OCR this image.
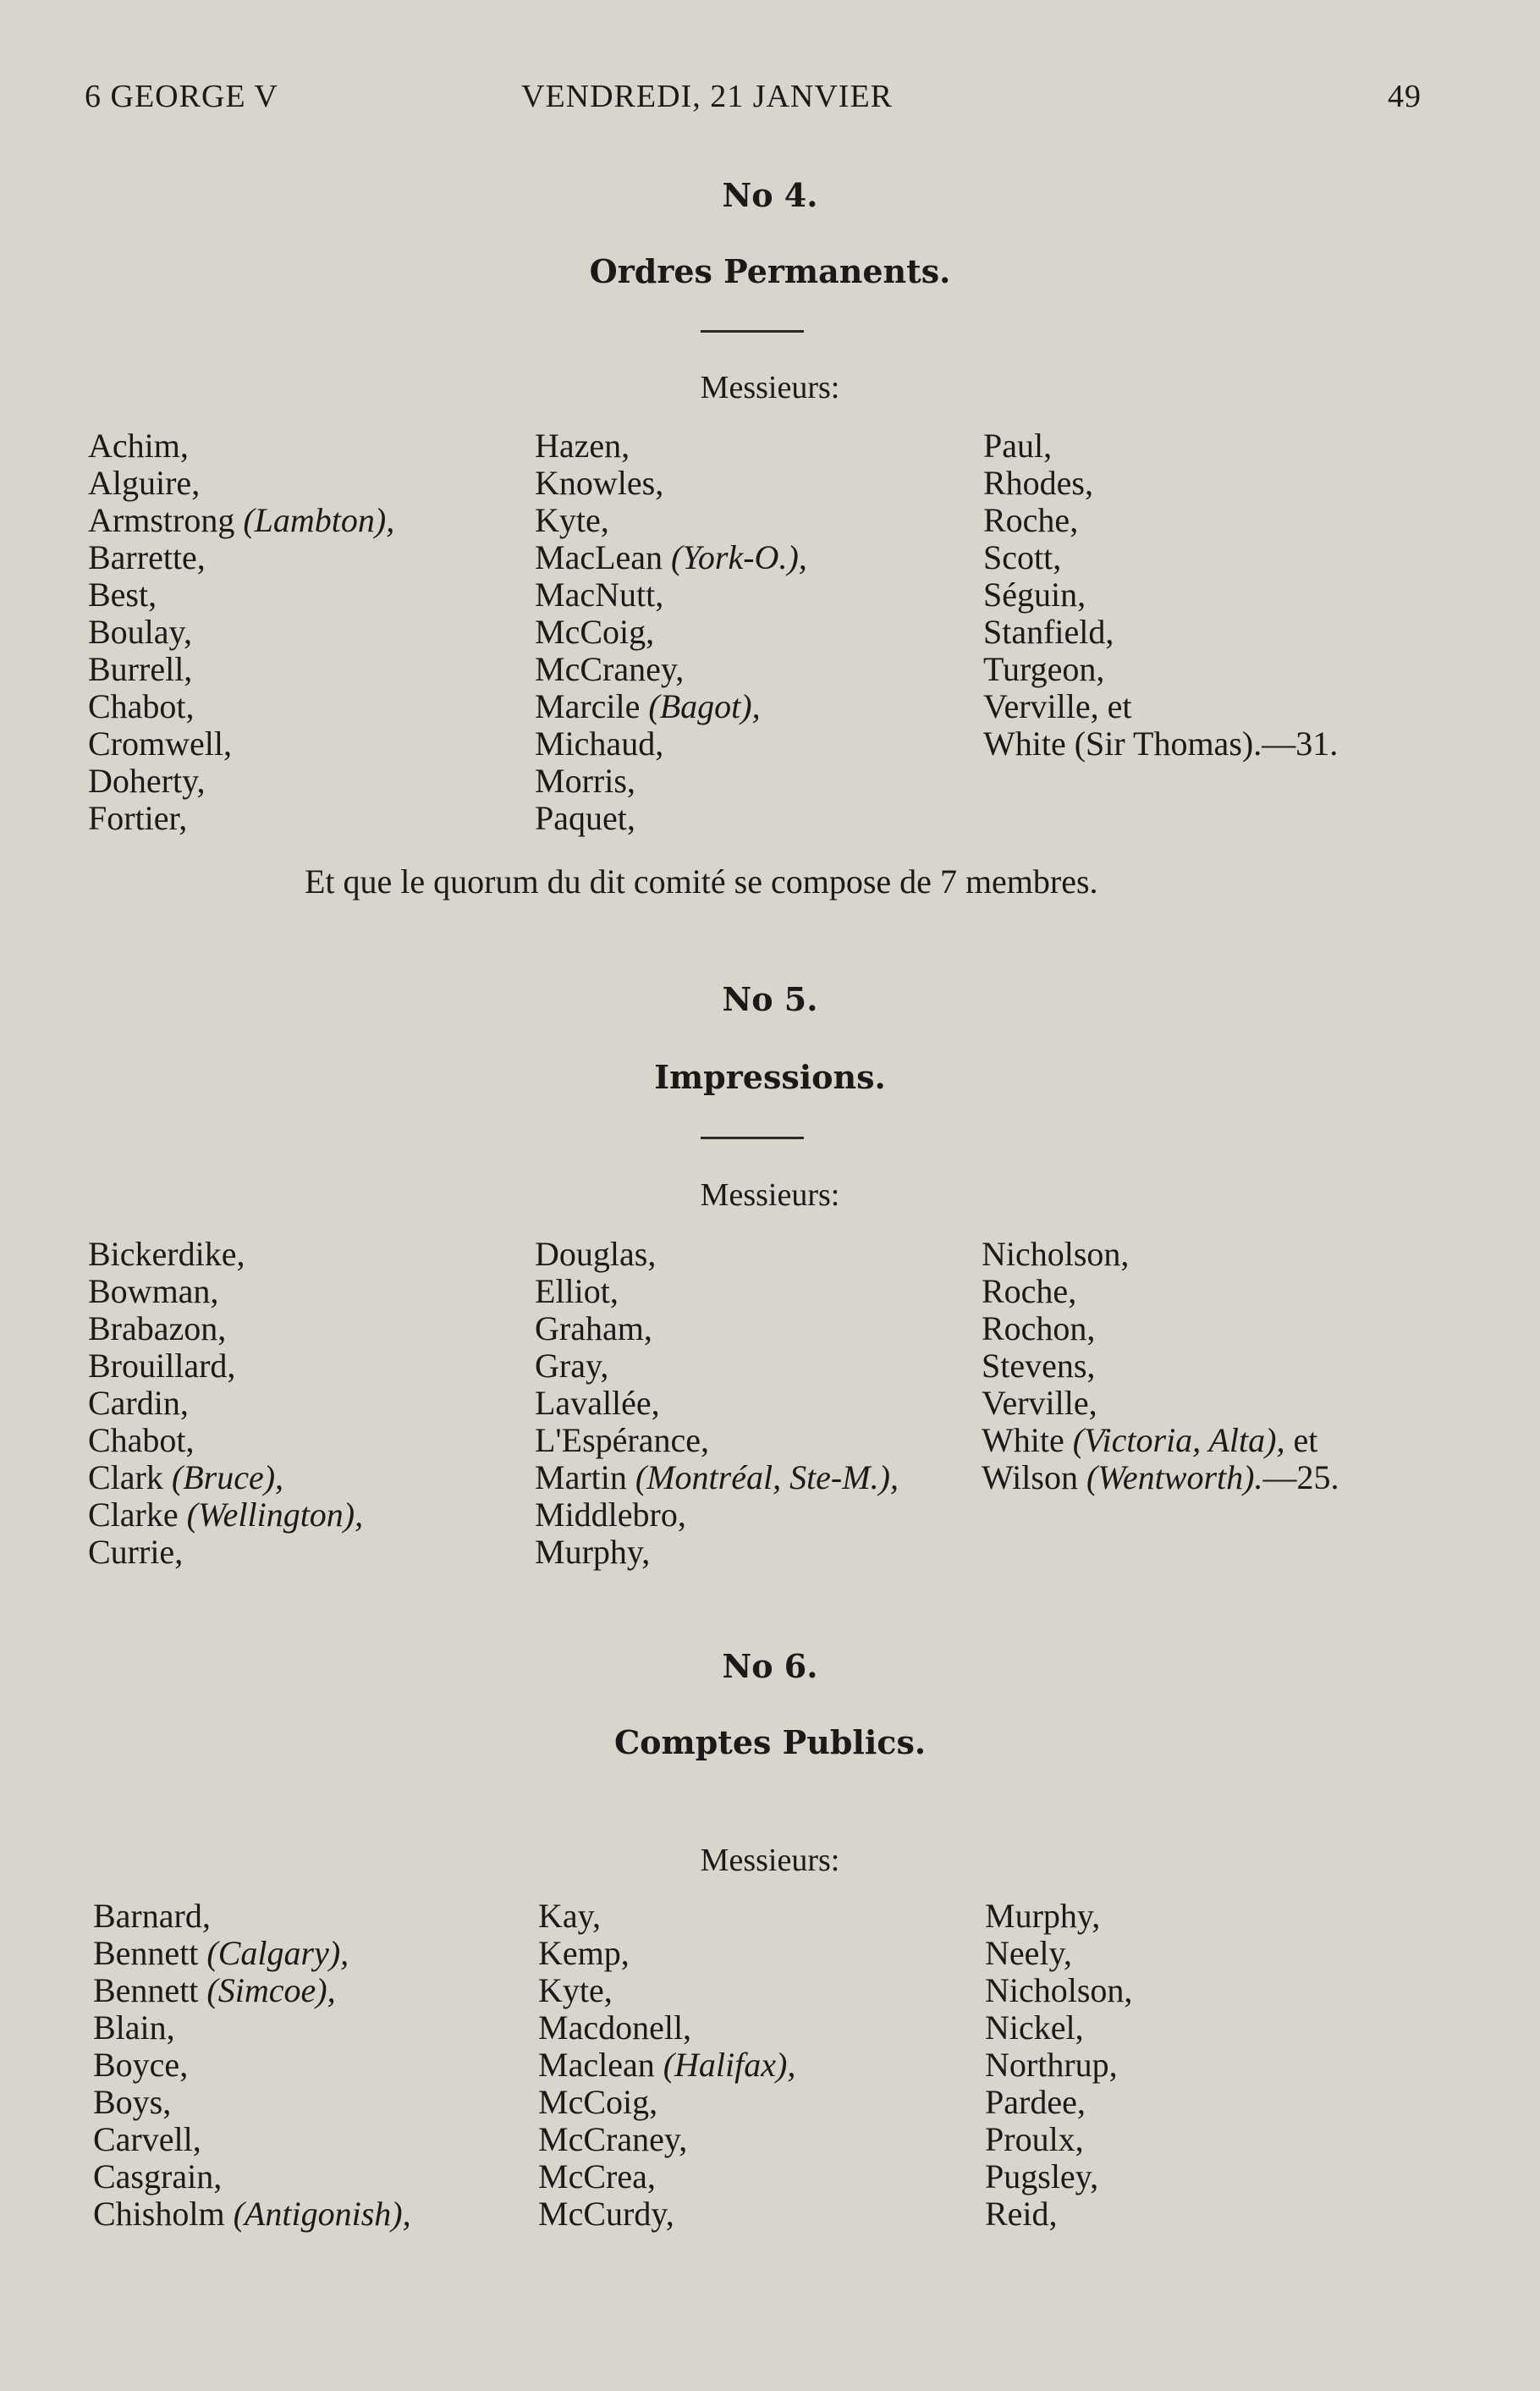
6 GEORGE V	VENDREDI, 21 JANVIER	49
No 4.
Ordres Permanents.
Messieurs:
Achim,
Alguire,
Armstrong (Lambton),
Barrette,
Best,
Boulay,
Burrell,
Chabot,
Cromwell,
Doherty,
Fortier,
Hazen,
Knowles,
Kyte,
MacLean (York-O.),
MacNutt,
McCoig,
McCraney,
Marcile (Bagot),
Michaud,
Morris,
Paquet,
Paul,
Rhodes,
Roche,
Scott,
Séguin,
Stanfield,
Turgeon,
Verville, et
White (Sir Thomas).—31.
Et que le quorum du dit comité se compose de 7 membres.
No 5.
Impressions.
Messieurs:
Bickerdike,
Bowman,
Brabazon,
Brouillard,
Cardin,
Chabot,
Clark (Bruce),
Clarke (Wellington),
Currie,
Douglas,
Elliot,
Graham,
Gray,
Lavallée,
L'Espérance,
Martin (Montréal, Ste-M.),
Middlebro,
Murphy,
Nicholson,
Roche,
Rochon,
Stevens,
Verville,
White (Victoria, Alta), et
Wilson (Wentworth).—25.
No 6.
Comptes Publics.
Messieurs:
Barnard,
Bennett (Calgary),
Bennett (Simcoe),
Blain,
Boyce,
Boys,
Carvell,
Casgrain,
Chisholm (Antigonish),
Kay,
Kemp,
Kyte,
Macdonell,
Maclean (Halifax),
McCoig,
McCraney,
McCrea,
McCurdy,
Murphy,
Neely,
Nicholson,
Nickel,
Northrup,
Pardee,
Proulx,
Pugsley,
Reid,
